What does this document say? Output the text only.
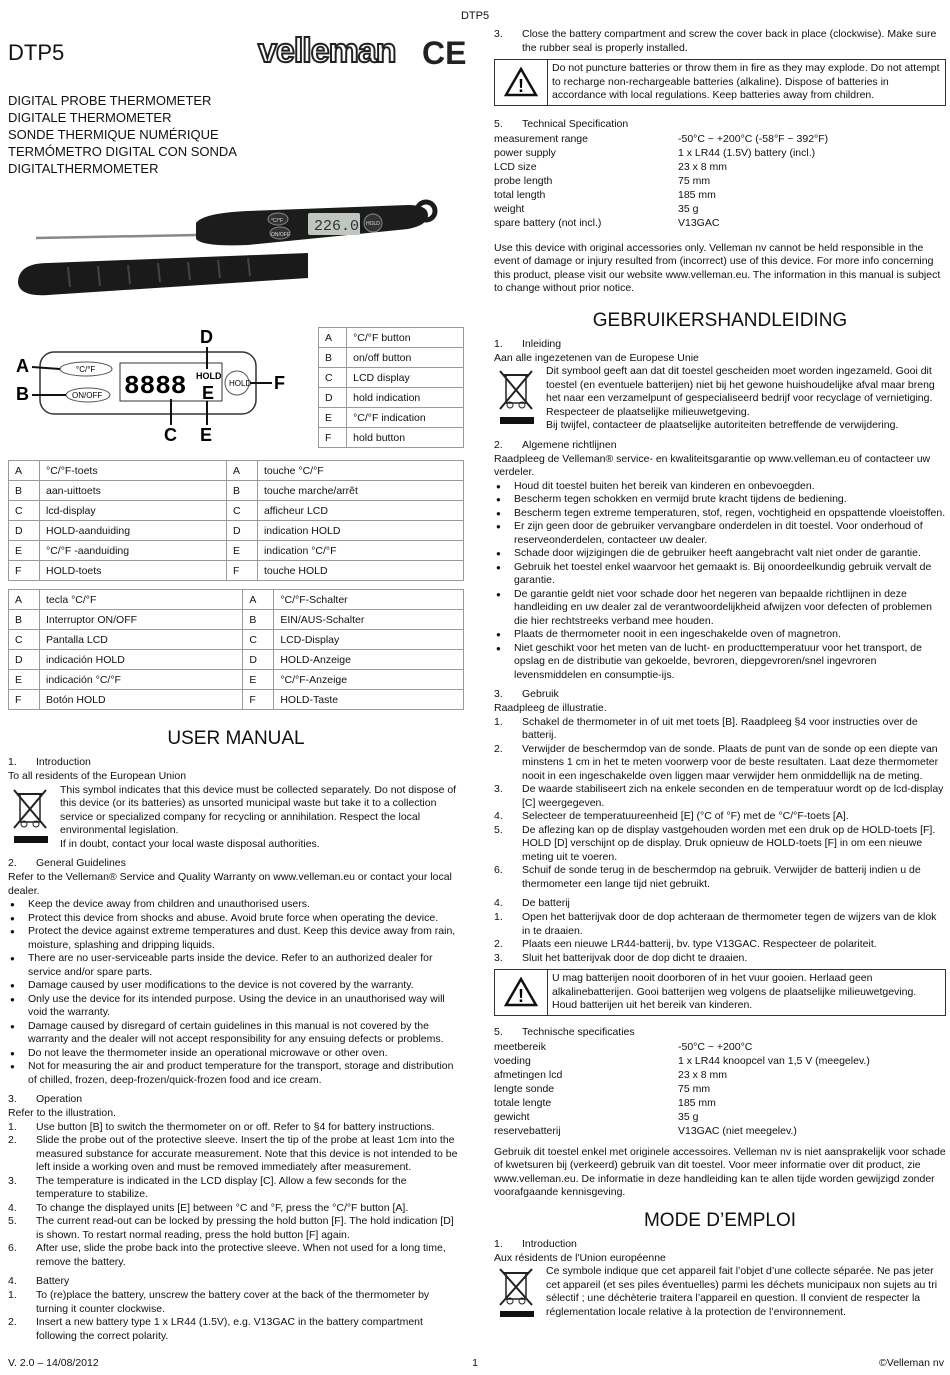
DTP5
DTP5	velleman CE
DIGITAL PROBE THERMOMETER
DIGITALE THERMOMETER
SONDE THERMIQUE NUMÉRIQUE
TERMÓMETRO DIGITAL CON SONDA
DIGITALTHERMOMETER
226.0
°C/°F
ON/OFF
HOLD
°C/°F
ON/OFF 8888 HOLD
E HOLD
A
B
D
F
C E
A	°C/°F button
B	on/off button
C	LCD display
D	hold indication
E	°C/°F indication
F	hold button
A	°C/°F-toets	A	touche °C/°F
B	aan-uittoets	B	touche marche/arrêt
C	lcd-display	C	afficheur LCD
D	HOLD-aanduiding	D	indication HOLD
E	°C/°F -aanduiding	E	indication °C/°F
F	HOLD-toets	F	touche HOLD
A	tecla °C/°F	A	°C/°F-Schalter
B	Interruptor ON/OFF	B	EIN/AUS-Schalter
C	Pantalla LCD	C	LCD-Display
D	indicación HOLD	D	HOLD-Anzeige
E	indicación °C/°F	E	°C/°F-Anzeige
F	Botón HOLD	F	HOLD-Taste
USER MANUAL
1. Introduction

To all residents of the European Union

This symbol indicates that this device must be collected separately. Do not dispose of this device (or its batteries) as unsorted municipal waste but take it to a collection service or specialized company for recycling or annihilation. Respect the local environmental legislation.
If in doubt, contact your local waste disposal authorities.
2. General Guidelines

Refer to the Velleman® Service and Quality Warranty on www.velleman.eu or contact your local dealer.

● Keep the device away from children and unauthorised users.
● Protect this device from shocks and abuse. Avoid brute force when operating the device.
● Protect the device against extreme temperatures and dust. Keep this device away from rain, moisture, splashing and dripping liquids.
● There are no user-serviceable parts inside the device. Refer to an authorized dealer for service and/or spare parts.
● Damage caused by user modifications to the device is not covered by the warranty.
● Only use the device for its intended purpose. Using the device in an unauthorised way will void the warranty.
● Damage caused by disregard of certain guidelines in this manual is not covered by the warranty and the dealer will not accept responsibility for any ensuing defects or problems.
● Do not leave the thermometer inside an operational microwave or other oven.
● Not for measuring the air and product temperature for the transport, storage and distribution of chilled, frozen, deep-frozen/quick-frozen food and ice cream.
3. Operation

Refer to the illustration.

1. Use button [B] to switch the thermometer on or off. Refer to §4 for battery instructions.
2. Slide the probe out of the protective sleeve. Insert the tip of the probe at least 1cm into the measured substance for accurate measurement. Note that this device is not intended to be left inside a working oven and must be removed immediately after measurement.
3. The temperature is indicated in the LCD display [C]. Allow a few seconds for the temperature to stabilize.
4. To change the displayed units [E] between °C and °F, press the °C/°F button [A].
5. The current read-out can be locked by pressing the hold button [F]. The hold indication [D] is shown. To restart normal reading, press the hold button [F] again.
6. After use, slide the probe back into the protective sleeve. When not used for a long time, remove the battery.
4. Battery
1. To (re)place the battery, unscrew the battery cover at the back of the thermometer by turning it counter clockwise.
2. Insert a new battery type 1 x LR44 (1.5V), e.g. V13GAC in the battery compartment following the correct polarity.
3. Close the battery compartment and screw the cover back in place (clockwise). Make sure the rubber seal is properly installed.
!
Do not puncture batteries or throw them in fire as they may explode. Do not attempt to recharge non-rechargeable batteries (alkaline). Dispose of batteries in accordance with local regulations. Keep batteries away from children.
5. Technical Specification
measurement range	-50°C ~ +200°C (-58°F ~ 392°F)
power supply	1 x LR44 (1.5V) battery (incl.)
LCD size	23 x 8 mm
probe length	75 mm
total length	185 mm
weight	35 g
spare battery (not incl.)	V13GAC

Use this device with original accessories only. Velleman nv cannot be held responsible in the event of damage or injury resulted from (incorrect) use of this device. For more info concerning this product, please visit our website www.velleman.eu. The information in this manual is subject to change without prior notice.

GEBRUIKERSHANDLEIDING
1. Inleiding

Aan alle ingezetenen van de Europese Unie

Dit symbool geeft aan dat dit toestel gescheiden moet worden ingezameld. Gooi dit toestel (en eventuele batterijen) niet bij het gewone huishoudelijke afval maar breng het naar een verzamelpunt of gespecialiseerd bedrijf voor recyclage of vernietiging. Respecteer de plaatselijke milieuwetgeving.
Bij twijfel, contacteer de plaatselijke autoriteiten betreffende de verwijdering.
2. Algemene richtlijnen

Raadpleeg de Velleman® service- en kwaliteitsgarantie op www.velleman.eu of contacteer uw verdeler.

● Houd dit toestel buiten het bereik van kinderen en onbevoegden.
● Bescherm tegen schokken en vermijd brute kracht tijdens de bediening.
● Bescherm tegen extreme temperaturen, stof, regen, vochtigheid en opspattende vloeistoffen.
● Er zijn geen door de gebruiker vervangbare onderdelen in dit toestel. Voor onderhoud of reserveonderdelen, contacteer uw dealer.
● Schade door wijzigingen die de gebruiker heeft aangebracht valt niet onder de garantie.
● Gebruik het toestel enkel waarvoor het gemaakt is. Bij onoordeelkundig gebruik vervalt de garantie.
● De garantie geldt niet voor schade door het negeren van bepaalde richtlijnen in deze handleiding en uw dealer zal de verantwoordelijkheid afwijzen voor defecten of problemen die hier rechtstreeks verband mee houden.
● Plaats de thermometer nooit in een ingeschakelde oven of magnetron.
● Niet geschikt voor het meten van de lucht- en producttemperatuur voor het transport, de opslag en de distributie van gekoelde, bevroren, diepgevroren/snel ingevroren levensmiddelen en consumptie-ijs.
3. Gebruik

Raadpleeg de illustratie.

1. Schakel de thermometer in of uit met toets [B]. Raadpleeg §4 voor instructies over de batterij.
2. Verwijder de beschermdop van de sonde. Plaats de punt van de sonde op een diepte van minstens 1 cm in het te meten voorwerp voor de beste resultaten. Laat deze thermometer nooit in een ingeschakelde oven liggen maar verwijder hem onmiddellijk na de meting.
3. De waarde stabiliseert zich na enkele seconden en de temperatuur wordt op de lcd-display [C] weergegeven.
4. Selecteer de temperatuureenheid [E] (°C of °F) met de °C/°F-toets [A].
5. De aflezing kan op de display vastgehouden worden met een druk op de HOLD-toets [F]. HOLD [D] verschijnt op de display. Druk opnieuw de HOLD-toets [F] in om een nieuwe meting uit te voeren.
6. Schuif de sonde terug in de beschermdop na gebruik. Verwijder de batterij indien u de thermometer een lange tijd niet gebruikt.
4. De batterij
1. Open het batterijvak door de dop achteraan de thermometer tegen de wijzers van de klok in te draaien.
2. Plaats een nieuwe LR44-batterij, bv. type V13GAC. Respecteer de polariteit.
3. Sluit het batterijvak door de dop dicht te draaien.
!
U mag batterijen nooit doorboren of in het vuur gooien. Herlaad geen alkalinebatterijen. Gooi batterijen weg volgens de plaatselijke milieuwetgeving. Houd batterijen uit het bereik van kinderen.
5. Technische specificaties
meetbereik	-50°C ~ +200°C
voeding	1 x LR44 knoopcel van 1,5 V (meegelev.)
afmetingen lcd	23 x 8 mm
lengte sonde	75 mm
totale lengte	185 mm
gewicht	35 g
reservebatterij	V13GAC (niet meegelev.)

Gebruik dit toestel enkel met originele accessoires. Velleman nv is niet aansprakelijk voor schade of kwetsuren bij (verkeerd) gebruik van dit toestel. Voor meer informatie over dit product, zie www.velleman.eu. De informatie in deze handleiding kan te allen tijde worden gewijzigd zonder voorafgaande kennisgeving.

MODE D’EMPLOI
1. Introduction

Aux résidents de l'Union européenne

Ce symbole indique que cet appareil fait l’objet d’une collecte séparée. Ne pas jeter cet appareil (et ses piles éventuelles) parmi les déchets municipaux non sujets au tri sélectif ; une déchèterie traitera l’appareil en question. Il convient de respecter la réglementation locale relative à la protection de l’environnement.
V. 2.0 – 14/08/2012	1	©Velleman nv
